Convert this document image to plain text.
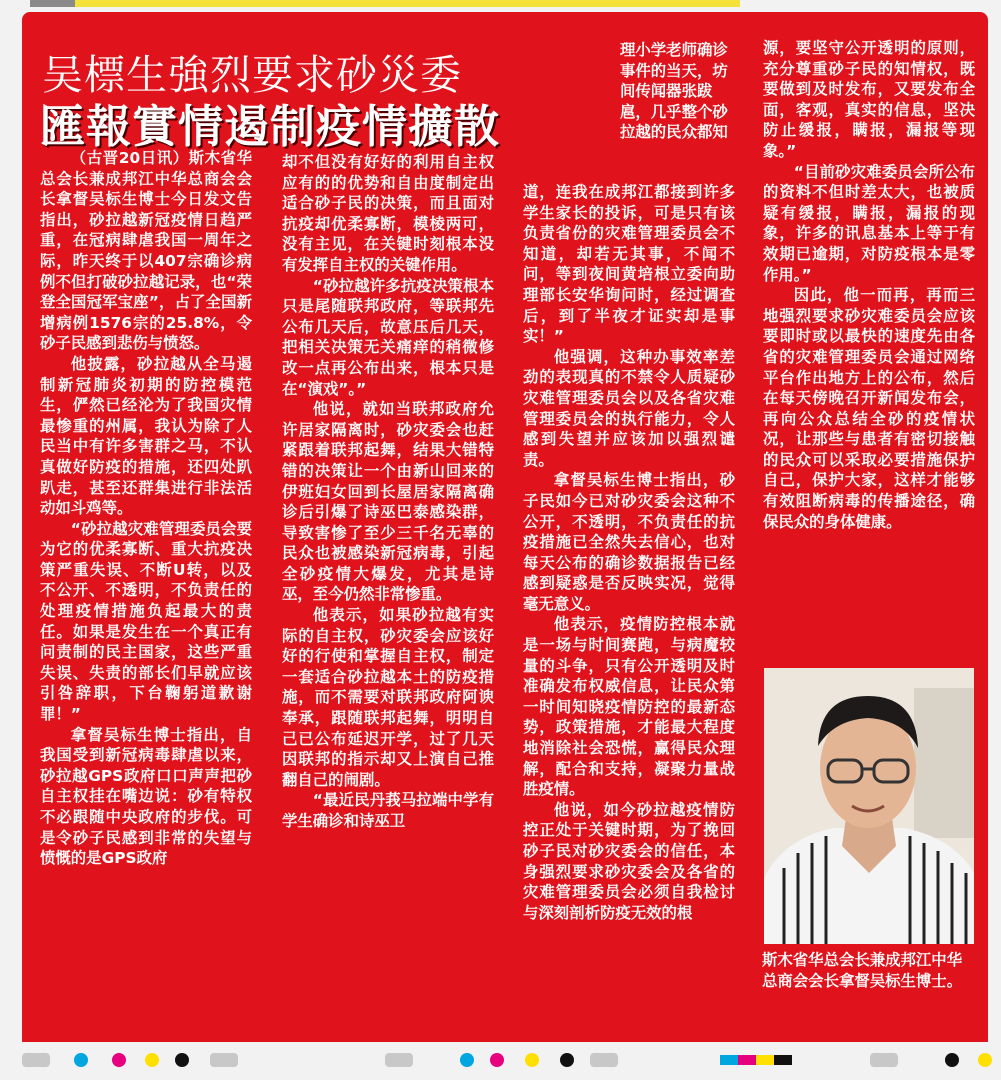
吴標生強烈要求砂災委
匯報實情遏制疫情擴散

（古晋20日讯）斯木省华总会长兼成邦江中华总商会会长拿督吴标生博士今日发文告指出，砂拉越新冠疫情日趋严重，在冠病肆虐我国一周年之际，昨天终于以407宗确诊病例不但打破砂拉越记录，也“荣登全国冠军宝座”，占了全国新增病例1576宗的25.8%，令砂子民感到悲伤与愤怒。

他披露，砂拉越从全马遏制新冠肺炎初期的防控模范生，俨然已经沦为了我国灾情最惨重的州属，我认为除了人民当中有许多害群之马，不认真做好防疫的措施，还四处趴趴走，甚至还群集进行非法活动如斗鸡等。

“砂拉越灾难管理委员会要为它的优柔寡断、重大抗疫决策严重失误、不断U转，以及不公开、不透明，不负责任的处理疫情措施负起最大的责任。如果是发生在一个真正有问责制的民主国家，这些严重失误、失责的部长们早就应该引咎辞职，下台鞠躬道歉谢罪！”

拿督吴标生博士指出，自我国受到新冠病毒肆虐以来，砂拉越GPS政府口口声声把砂自主权挂在嘴边说：砂有特权不必跟随中央政府的步伐。可是令砂子民感到非常的失望与愤慨的是GPS政府

却不但没有好好的利用自主权应有的的优势和自由度制定出适合砂子民的决策，而且面对抗疫却优柔寡断，模棱两可，没有主见，在关键时刻根本没有发挥自主权的关键作用。

“砂拉越许多抗疫决策根本只是尾随联邦政府，等联邦先公布几天后，故意压后几天，把相关决策无关痛痒的稍微修改一点再公布出来，根本只是在“演戏”。”

他说，就如当联邦政府允许居家隔离时，砂灾委会也赶紧跟着联邦起舞，结果大错特错的决策让一个由新山回来的伊班妇女回到长屋居家隔离确诊后引爆了诗巫巴泰感染群，导致害惨了至少三千名无辜的民众也被感染新冠病毒，引起全砂疫情大爆发，尤其是诗巫，至今仍然非常惨重。

他表示，如果砂拉越有实际的自主权，砂灾委会应该好好的行使和掌握自主权，制定一套适合砂拉越本土的防疫措施，而不需要对联邦政府阿谀奉承，跟随联邦起舞，明明自己已公布延迟开学，过了几天因联邦的指示却又上演自己推翻自己的闹剧。

“最近民丹莪马拉端中学有学生确诊和诗巫卫

理小学老师确诊事件的当天，坊间传闻器张跋扈，几乎整个砂拉越的民众都知

道，连我在成邦江都接到许多学生家长的投诉，可是只有该负责省份的灾难管理委员会不知道，却若无其事，不闻不问，等到夜间黄培根立委向助理部长安华询问时，经过调查后，到了半夜才证实却是事实！”

他强调，这种办事效率差劲的表现真的不禁令人质疑砂灾难管理委员会以及各省灾难管理委员会的执行能力，令人感到失望并应该加以强烈谴责。

拿督吴标生博士指出，砂子民如今已对砂灾委会这种不公开，不透明，不负责任的抗疫措施已全然失去信心，也对每天公布的确诊数据报告已经感到疑惑是否反映实况，觉得毫无意义。

他表示，疫情防控根本就是一场与时间赛跑，与病魔较量的斗争，只有公开透明及时准确发布权威信息，让民众第一时间知晓疫情防控的最新态势，政策措施，才能最大程度地消除社会恐慌，赢得民众理解，配合和支持，凝聚力量战胜疫情。

他说，如今砂拉越疫情防控正处于关键时期，为了挽回砂子民对砂灾委会的信任，本身强烈要求砂灾委会及各省的灾难管理委员会必须自我检讨与深刻剖析防疫无效的根

源，要坚守公开透明的原则，充分尊重砂子民的知情权，既要做到及时发布，又要发布全面，客观，真实的信息，坚决防止缓报，瞒报，漏报等现象。”

“目前砂灾难委员会所公布的资料不但时差太大，也被质疑有缓报，瞒报，漏报的现象，许多的讯息基本上等于有效期已逾期，对防疫根本是零作用。”

因此，他一而再，再而三地强烈要求砂灾难委员会应该要即时或以最快的速度先由各省的灾难管理委员会通过网络平台作出地方上的公布，然后在每天傍晚召开新闻发布会，再向公众总结全砂的疫情状况，让那些与患者有密切接触的民众可以采取必要措施保护自己，保护大家，这样才能够有效阻断病毒的传播途径，确保民众的身体健康。

斯木省华总会长兼成邦江中华总商会会长拿督吴标生博士。
